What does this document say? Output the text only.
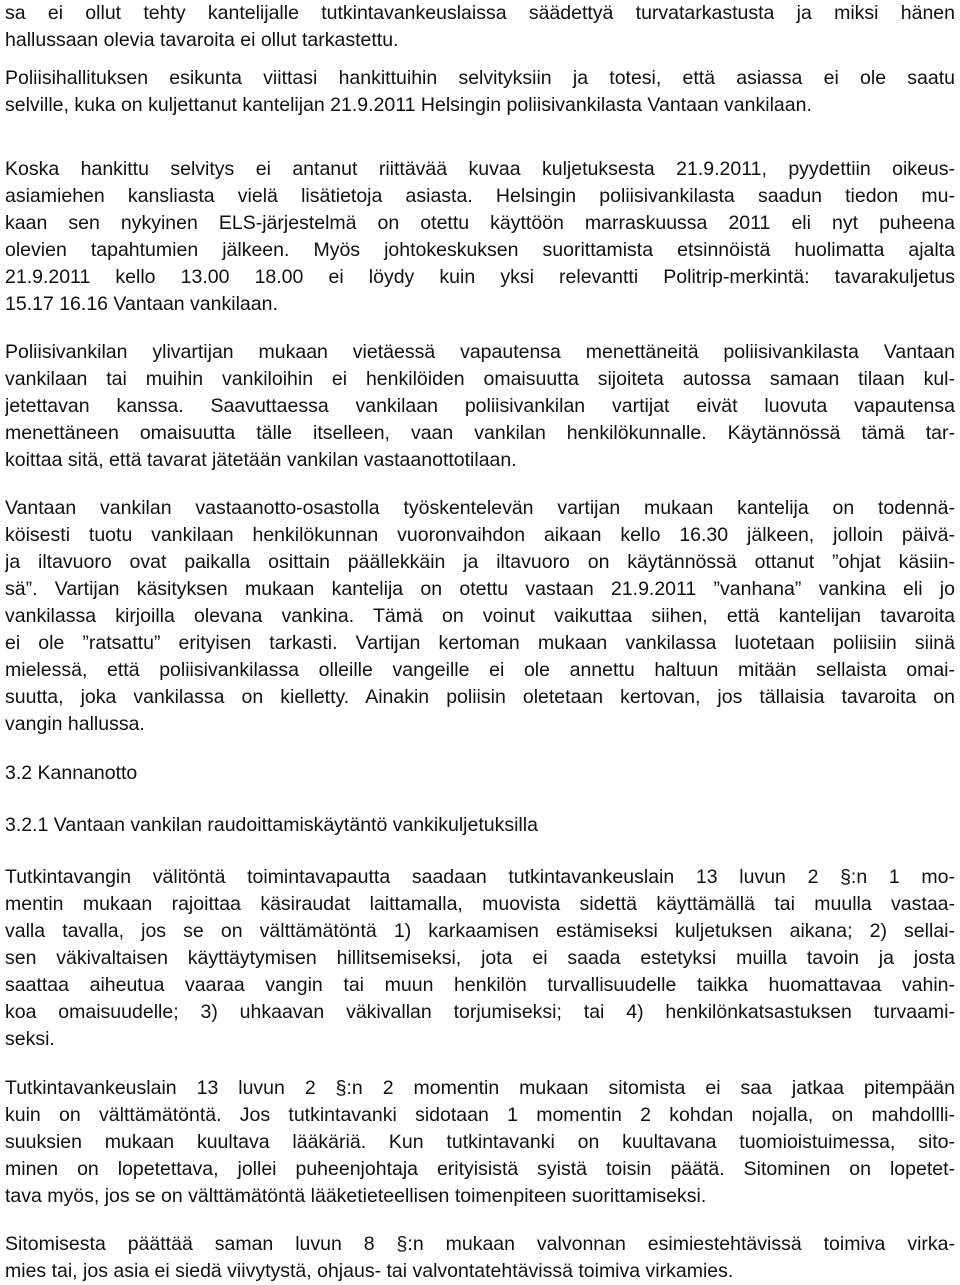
sa ei ollut tehty kantelijalle tutkintavankeuslaissa säädettyä turvatarkastusta ja miksi hänen
hallussaan olevia tavaroita ei ollut tarkastettu.
Poliisihallituksen esikunta viittasi hankittuihin selvityksiin ja totesi, että asiassa ei ole saatu
selville, kuka on kuljettanut kantelijan 21.9.2011 Helsingin poliisivankilasta Vantaan vankilaan.
Koska hankittu selvitys ei antanut riittävää kuvaa kuljetuksesta 21.9.2011, pyydettiin oikeus-
asiamiehen kansliasta vielä lisätietoja asiasta. Helsingin poliisivankilasta saadun tiedon mu-
kaan sen nykyinen ELS-järjestelmä on otettu käyttöön marraskuussa 2011 eli nyt puheena
olevien tapahtumien jälkeen. Myös johtokeskuksen suorittamista etsinnöistä huolimatta ajalta
21.9.2011 kello 13.00 18.00 ei löydy kuin yksi relevantti Politrip-merkintä: tavarakuljetus
15.17 16.16 Vantaan vankilaan.
Poliisivankilan ylivartijan mukaan vietäessä vapautensa menettäneitä poliisivankilasta Vantaan
vankilaan tai muihin vankiloihin ei henkilöiden omaisuutta sijoiteta autossa samaan tilaan kul-
jetettavan kanssa. Saavuttaessa vankilaan poliisivankilan vartijat eivät luovuta vapautensa
menettäneen omaisuutta tälle itselleen, vaan vankilan henkilökunnalle. Käytännössä tämä tar-
koittaa sitä, että tavarat jätetään vankilan vastaanottotilaan.
Vantaan vankilan vastaanotto-osastolla työskentelevän vartijan mukaan kantelija on todennä-
köisesti tuotu vankilaan henkilökunnan vuoronvaihdon aikaan kello 16.30 jälkeen, jolloin päivä-
ja iltavuoro ovat paikalla osittain päällekkäin ja iltavuoro on käytännössä ottanut ”ohjat käsiin-
sä”. Vartijan käsityksen mukaan kantelija on otettu vastaan 21.9.2011 ”vanhana” vankina eli jo
vankilassa kirjoilla olevana vankina. Tämä on voinut vaikuttaa siihen, että kantelijan tavaroita
ei ole ”ratsattu” erityisen tarkasti. Vartijan kertoman mukaan vankilassa luotetaan poliisiin siinä
mielessä, että poliisivankilassa olleille vangeille ei ole annettu haltuun mitään sellaista omai-
suutta, joka vankilassa on kielletty. Ainakin poliisin oletetaan kertovan, jos tällaisia tavaroita on
vangin hallussa.
3.2 Kannanotto
3.2.1 Vantaan vankilan raudoittamiskäytäntö vankikuljetuksilla
Tutkintavangin välitöntä toimintavapautta saadaan tutkintavankeuslain 13 luvun 2 §:n 1 mo-
mentin mukaan rajoittaa käsiraudat laittamalla, muovista sidettä käyttämällä tai muulla vastaa-
valla tavalla, jos se on välttämätöntä 1) karkaamisen estämiseksi kuljetuksen aikana; 2) sellai-
sen väkivaltaisen käyttäytymisen hillitsemiseksi, jota ei saada estetyksi muilla tavoin ja josta
saattaa aiheutua vaaraa vangin tai muun henkilön turvallisuudelle taikka huomattavaa vahin-
koa omaisuudelle; 3) uhkaavan väkivallan torjumiseksi; tai 4) henkilönkatsastuksen turvaami-
seksi.
Tutkintavankeuslain 13 luvun 2 §:n 2 momentin mukaan sitomista ei saa jatkaa pitempään
kuin on välttämätöntä. Jos tutkintavanki sidotaan 1 momentin 2 kohdan nojalla, on mahdollli-
suuksien mukaan kuultava lääkäriä. Kun tutkintavanki on kuultavana tuomioistuimessa, sito-
minen on lopetettava, jollei puheenjohtaja erityisistä syistä toisin päätä. Sitominen on lopetet-
tava myös, jos se on välttämätöntä lääketieteellisen toimenpiteen suorittamiseksi.
Sitomisesta päättää saman luvun 8 §:n mukaan valvonnan esimiestehtävissä toimiva virka-
mies tai, jos asia ei siedä viivytystä, ohjaus- tai valvontatehtävissä toimiva virkamies.
